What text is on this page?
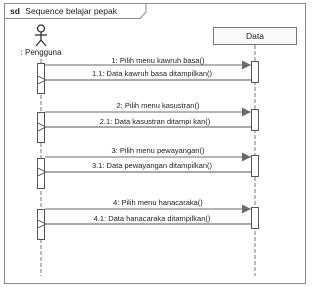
sd Sequence belajar pepak
: Pengguna
Data
1: Pilih menu kawruh basa()
1.1: Data kawruh basa ditampilkan()
2: Pilih menu kasustran()
2.1: Data kasustran ditampi kan()
3: Pilih menu pewayangan()
3.1: Data pewayangan ditampilkan()
4: Pilih menu hanacaraka()
4.1: Data hanacaraka ditampilkan()
